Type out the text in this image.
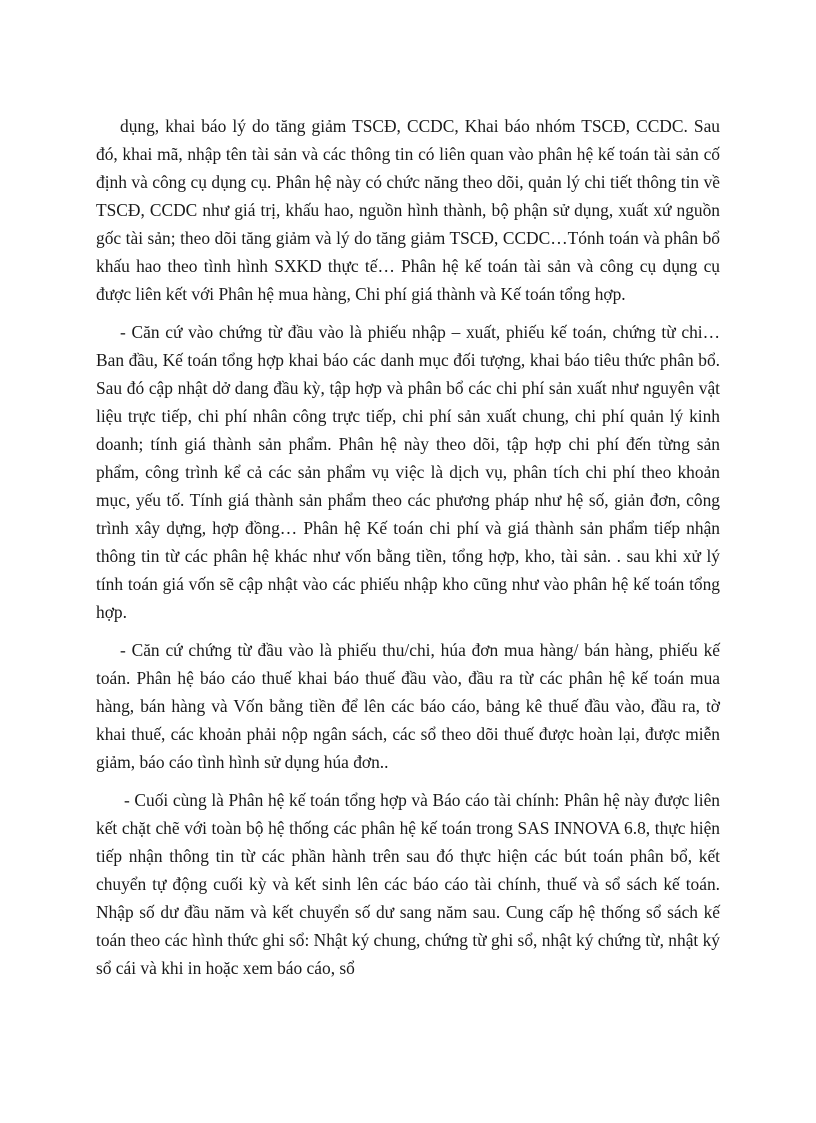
dụng, khai báo lý do tăng giảm TSCĐ, CCDC, Khai báo nhóm TSCĐ, CCDC. Sau đó, khai mã, nhập tên tài sản và các thông tin có liên quan vào phân hệ kế toán tài sản cố định và công cụ dụng cụ. Phân hệ này có chức năng theo dõi, quản lý chi tiết thông tin về TSCĐ, CCDC như giá trị, khấu hao, nguồn hình thành, bộ phận sử dụng, xuất xứ nguồn gốc tài sản; theo dõi tăng giảm và lý do tăng giảm TSCĐ, CCDC…Tónh toán và phân bổ khấu hao theo tình hình SXKD thực tế… Phân hệ kế toán tài sản và công cụ dụng cụ được liên kết với Phân hệ mua hàng, Chi phí giá thành và Kế toán tổng hợp.

- Căn cứ vào chứng từ đầu vào là phiếu nhập – xuất, phiếu kế toán, chứng từ chi…Ban đầu, Kế toán tổng hợp khai báo các danh mục đối tượng, khai báo tiêu thức phân bổ. Sau đó cập nhật dở dang đầu kỳ, tập hợp và phân bổ các chi phí sản xuất như nguyên vật liệu trực tiếp, chi phí nhân công trực tiếp, chi phí sản xuất chung, chi phí quản lý kinh doanh; tính giá thành sản phẩm. Phân hệ này theo dõi, tập hợp chi phí đến từng sản phẩm, công trình kể cả các sản phẩm vụ việc là dịch vụ, phân tích chi phí theo khoản mục, yếu tố. Tính giá thành sản phẩm theo các phương pháp như hệ số, giản đơn, công trình xây dựng, hợp đồng… Phân hệ Kế toán chi phí và giá thành sản phẩm tiếp nhận thông tin từ các phân hệ khác như vốn bằng tiền, tổng hợp, kho, tài sản. . sau khi xử lý tính toán giá vốn sẽ cập nhật vào các phiếu nhập kho cũng như vào phân hệ kế toán tổng hợp.

- Căn cứ chứng từ đầu vào là phiếu thu/chi, húa đơn mua hàng/ bán hàng, phiếu kế toán. Phân hệ báo cáo thuế khai báo thuế đầu vào, đầu ra từ các phân hệ kế toán mua hàng, bán hàng và Vốn bằng tiền để lên các báo cáo, bảng kê thuế đầu vào, đầu ra, tờ khai thuế, các khoản phải nộp ngân sách, các sổ theo dõi thuế được hoàn lại, được miễn giảm, báo cáo tình hình sử dụng húa đơn..

- Cuối cùng là Phân hệ kế toán tổng hợp và Báo cáo tài chính: Phân hệ này được liên kết chặt chẽ với toàn bộ hệ thống các phân hệ kế toán trong SAS INNOVA 6.8, thực hiện tiếp nhận thông tin từ các phần hành trên sau đó thực hiện các bút toán phân bổ, kết chuyển tự động cuối kỳ và kết sinh lên các báo cáo tài chính, thuế và sổ sách kế toán. Nhập số dư đầu năm và kết chuyển số dư sang năm sau. Cung cấp hệ thống sổ sách kế toán theo các hình thức ghi sổ: Nhật ký chung, chứng từ ghi sổ, nhật ký chứng từ, nhật ký sổ cái và khi in hoặc xem báo cáo, sổ
